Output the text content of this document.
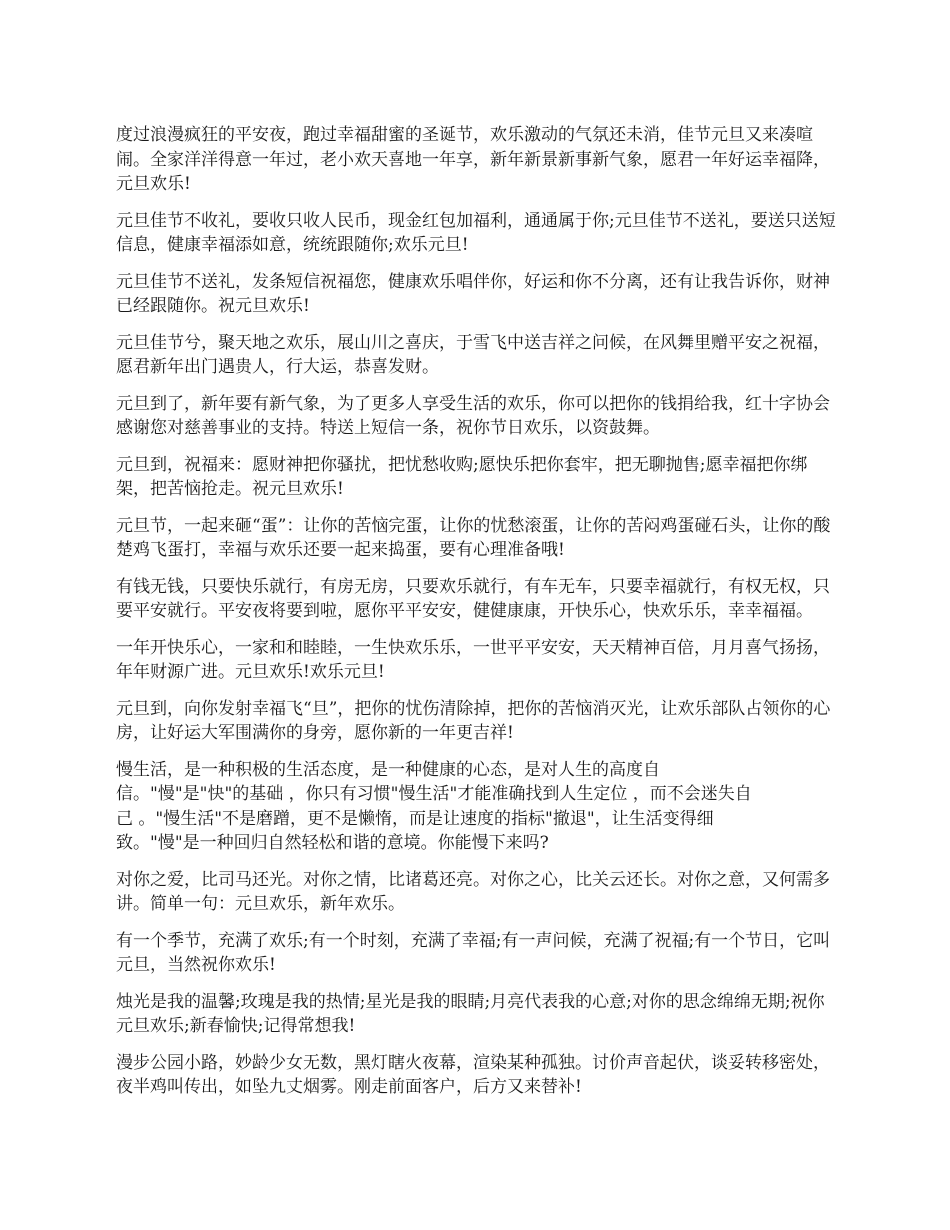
度过浪漫疯狂的平安夜，跑过幸福甜蜜的圣诞节，欢乐激动的气氛还未消，佳节元旦又来凑喧闹。全家洋洋得意一年过，老小欢天喜地一年享，新年新景新事新气象，愿君一年好运幸福降，元旦欢乐!

元旦佳节不收礼，要收只收人民币，现金红包加福利，通通属于你;元旦佳节不送礼，要送只送短信息，健康幸福添如意，统统跟随你;欢乐元旦!

元旦佳节不送礼，发条短信祝福您，健康欢乐唱伴你，好运和你不分离，还有让我告诉你，财神已经跟随你。祝元旦欢乐!

元旦佳节兮，聚天地之欢乐，展山川之喜庆，于雪飞中送吉祥之问候，在风舞里赠平安之祝福，愿君新年出门遇贵人，行大运，恭喜发财。

元旦到了，新年要有新气象，为了更多人享受生活的欢乐，你可以把你的钱捐给我，红十字协会感谢您对慈善事业的支持。特送上短信一条，祝你节日欢乐，以资鼓舞。

元旦到，祝福来：愿财神把你骚扰，把忧愁收购;愿快乐把你套牢，把无聊抛售;愿幸福把你绑架，把苦恼抢走。祝元旦欢乐!

元旦节，一起来砸“蛋”：让你的苦恼完蛋，让你的忧愁滚蛋，让你的苦闷鸡蛋碰石头，让你的酸楚鸡飞蛋打，幸福与欢乐还要一起来捣蛋，要有心理准备哦!

有钱无钱，只要快乐就行，有房无房，只要欢乐就行，有车无车，只要幸福就行，有权无权，只要平安就行。平安夜将要到啦，愿你平平安安，健健康康，开快乐心，快欢乐乐，幸幸福福。

一年开快乐心，一家和和睦睦，一生快欢乐乐，一世平平安安，天天精神百倍，月月喜气扬扬，年年财源广进。元旦欢乐!欢乐元旦!

元旦到，向你发射幸福飞“旦”，把你的忧伤清除掉，把你的苦恼消灭光，让欢乐部队占领你的心房，让好运大军围满你的身旁，愿你新的一年更吉祥!

慢生活，是一种积极的生活态度，是一种健康的心态，是对人生的高度自
信。"慢"是"快"的基础 ，你只有习惯"慢生活"才能准确找到人生定位 ，而不会迷失自
己 。"慢生活"不是磨蹭，更不是懒惰，而是让速度的指标"撤退"，让生活变得细
致。"慢"是一种回归自然轻松和谐的意境。你能慢下来吗?

对你之爱，比司马还光。对你之情，比诸葛还亮。对你之心，比关云还长。对你之意，又何需多讲。简单一句：元旦欢乐，新年欢乐。

有一个季节，充满了欢乐;有一个时刻，充满了幸福;有一声问候，充满了祝福;有一个节日，它叫元旦，当然祝你欢乐!

烛光是我的温馨;玫瑰是我的热情;星光是我的眼睛;月亮代表我的心意;对你的思念绵绵无期;祝你元旦欢乐;新春愉快;记得常想我!

漫步公园小路，妙龄少女无数，黑灯瞎火夜幕，渲染某种孤独。讨价声音起伏，谈妥转移密处，夜半鸡叫传出，如坠九丈烟雾。刚走前面客户，后方又来替补!
